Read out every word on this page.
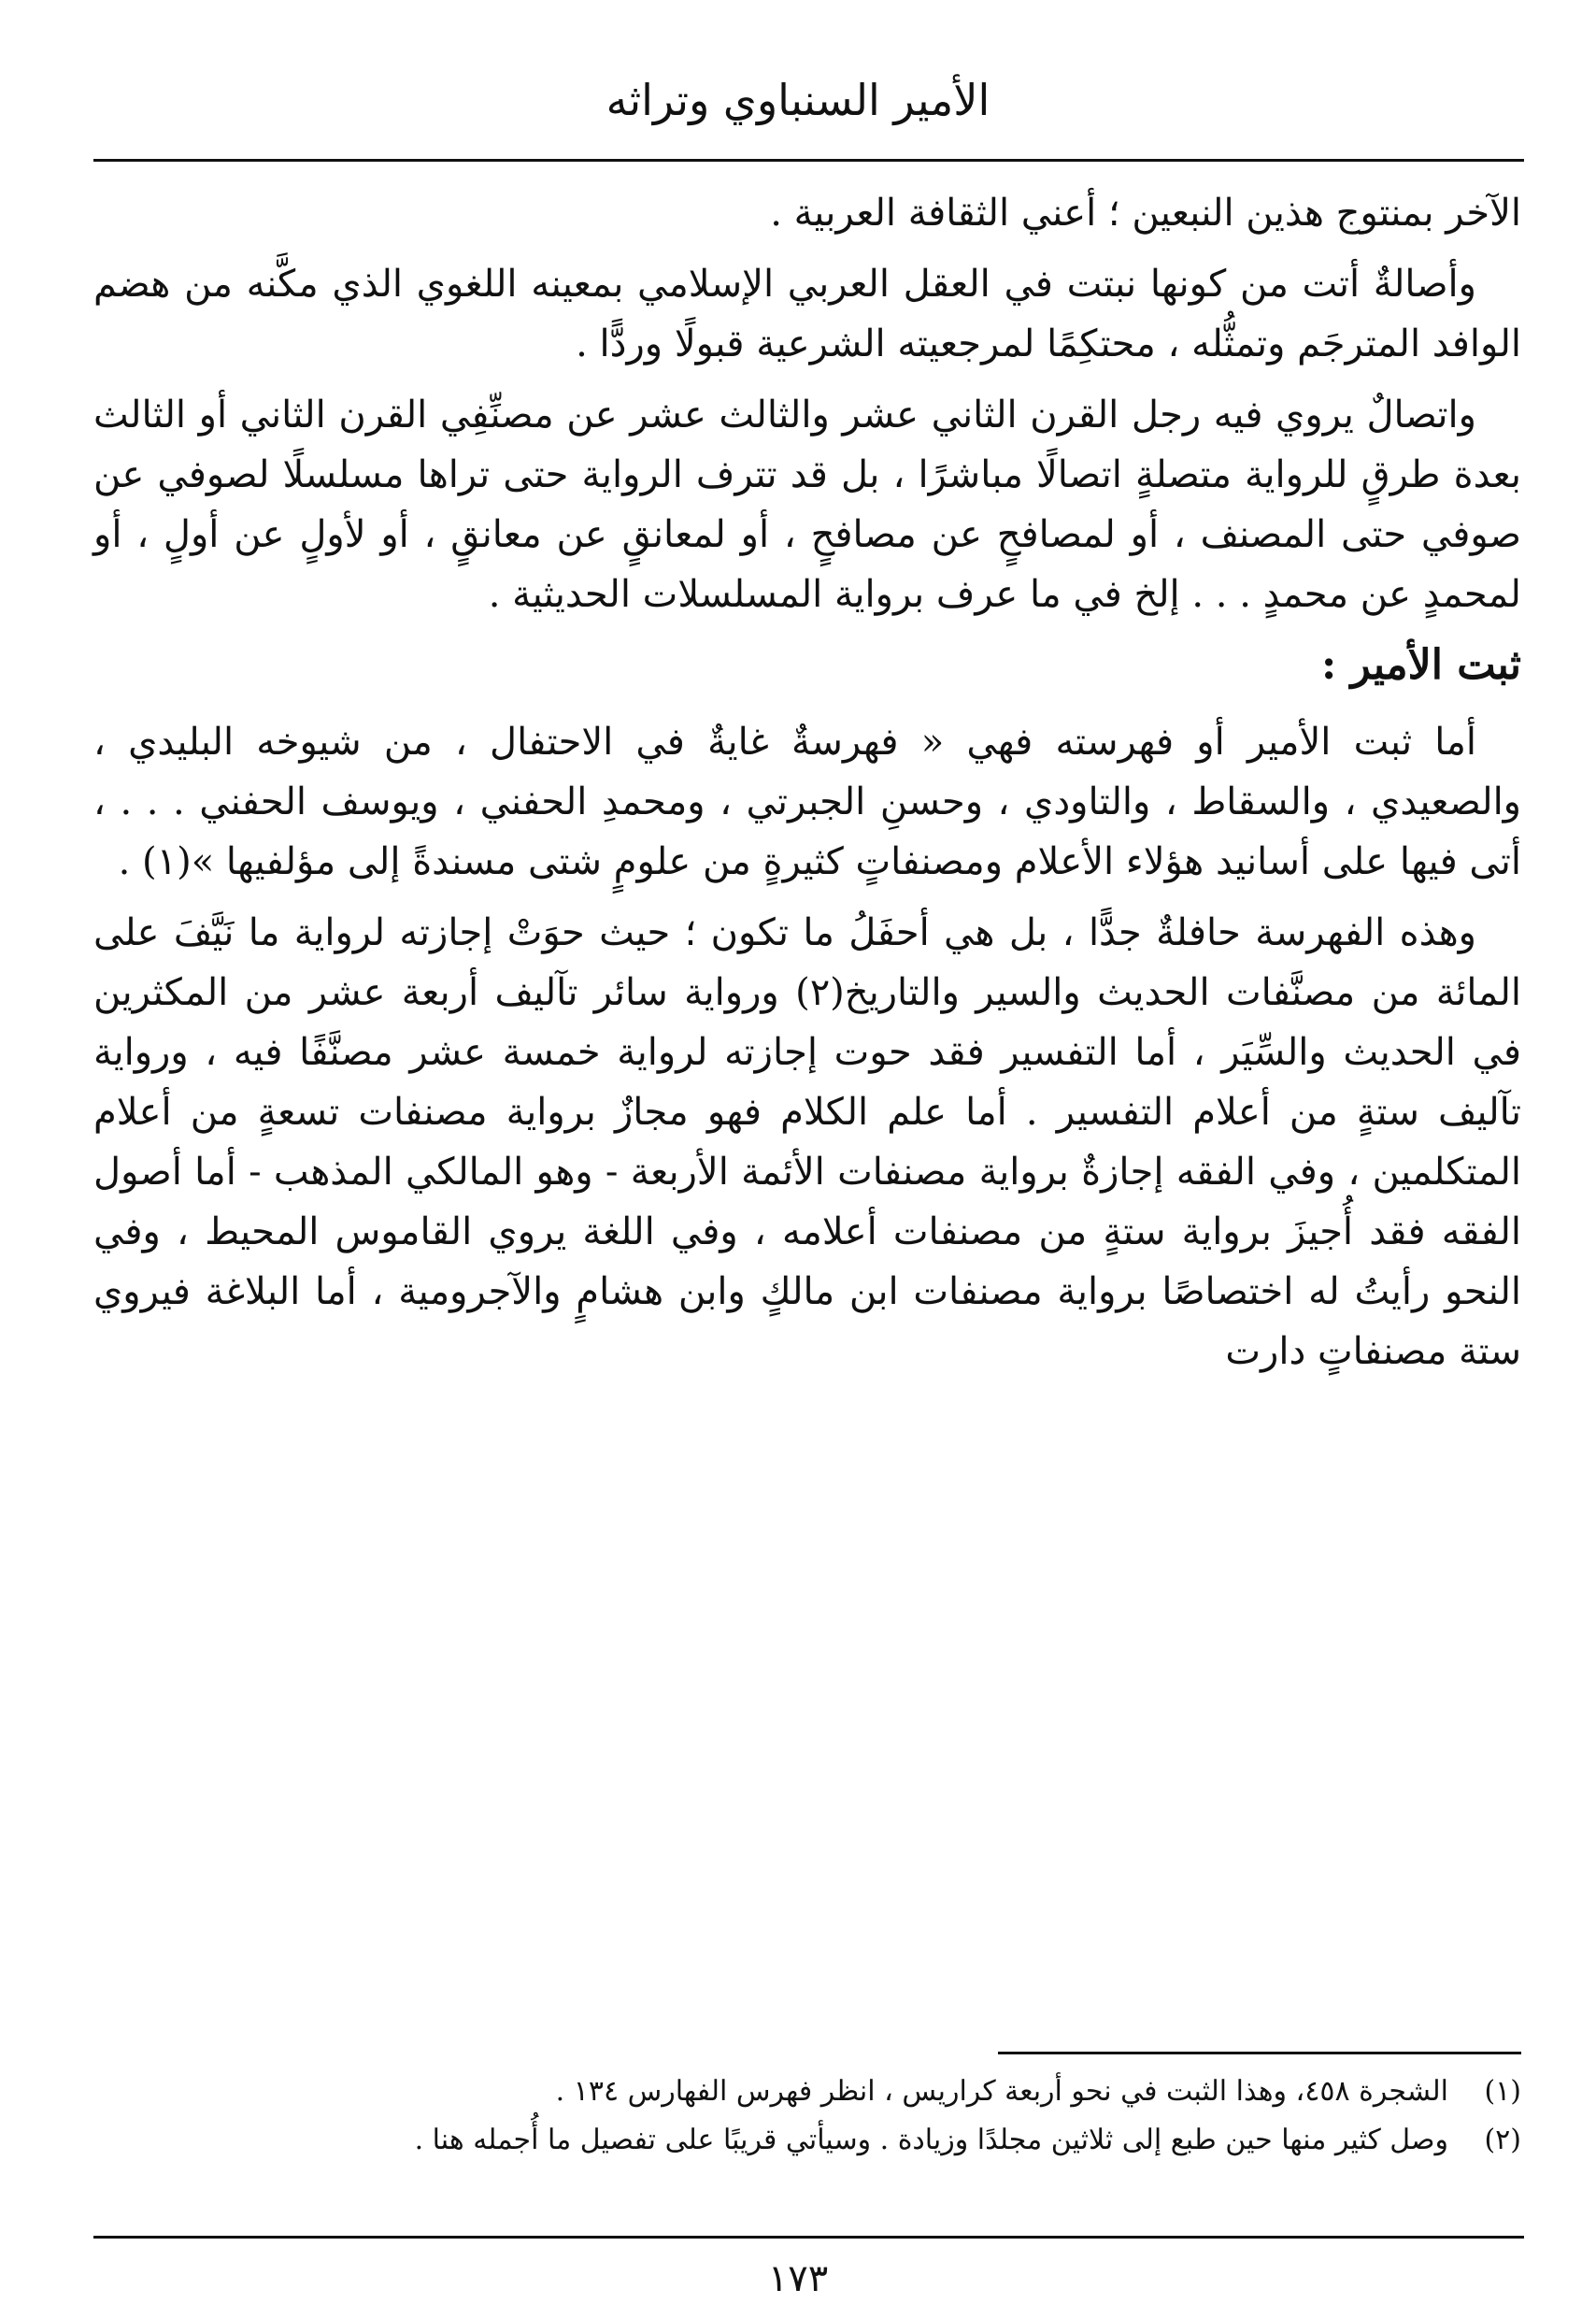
الأمير السنباوي وتراثه

الآخر بمنتوج هذين النبعين ؛ أعني الثقافة العربية .

وأصالةٌ أتت من كونها نبتت في العقل العربي الإسلامي بمعينه اللغوي الذي مكَّنه من هضم الوافد المترجَم وتمثُّله ، محتكِمًا لمرجعيته الشرعية قبولًا وردًّا .

واتصالٌ يروي فيه رجل القرن الثاني عشر والثالث عشر عن مصنِّفِي القرن الثاني أو الثالث بعدة طرقٍ للرواية متصلةٍ اتصالًا مباشرًا ، بل قد تترف الرواية حتى تراها مسلسلًا لصوفي عن صوفي حتى المصنف ، أو لمصافحٍ عن مصافحٍ ، أو لمعانقٍ عن معانقٍ ، أو لأولٍ عن أولٍ ، أو لمحمدٍ عن محمدٍ . . . إلخ في ما عرف برواية المسلسلات الحديثية .

ثبت الأمير :

أما ثبت الأمير أو فهرسته فهي « فهرسةٌ غايةٌ في الاحتفال ، من شيوخه البليدي ، والصعيدي ، والسقاط ، والتاودي ، وحسنِ الجبرتي ، ومحمدِ الحفني ، ويوسف الحفني . . . ، أتى فيها على أسانيد هؤلاء الأعلام ومصنفاتٍ كثيرةٍ من علومٍ شتى مسندةً إلى مؤلفيها »(١) .

وهذه الفهرسة حافلةٌ جدًّا ، بل هي أحفَلُ ما تكون ؛ حيث حوَتْ إجازته لرواية ما نَيَّفَ على المائة من مصنَّفات الحديث والسير والتاريخ(٢) ورواية سائر تآليف أربعة عشر من المكثرين في الحديث والسِّيَر ، أما التفسير فقد حوت إجازته لرواية خمسة عشر مصنَّفًا فيه ، ورواية تآليف ستةٍ من أعلام التفسير . أما علم الكلام فهو مجازٌ برواية مصنفات تسعةٍ من أعلام المتكلمين ، وفي الفقه إجازةٌ برواية مصنفات الأئمة الأربعة - وهو المالكي المذهب - أما أصول الفقه فقد أُجيزَ برواية ستةٍ من مصنفات أعلامه ، وفي اللغة يروي القاموس المحيط ، وفي النحو رأيتُ له اختصاصًا برواية مصنفات ابن مالكٍ وابن هشامٍ والآجرومية ، أما البلاغة فيروي ستة مصنفاتٍ دارت

(١)
الشجرة ٤٥٨، وهذا الثبت في نحو أربعة كراريس ، انظر فهرس الفهارس ١٣٤ .
(٢)
وصل كثير منها حين طبع إلى ثلاثين مجلدًا وزيادة . وسيأتي قريبًا على تفصيل ما أُجمله هنا .
١٧٣
